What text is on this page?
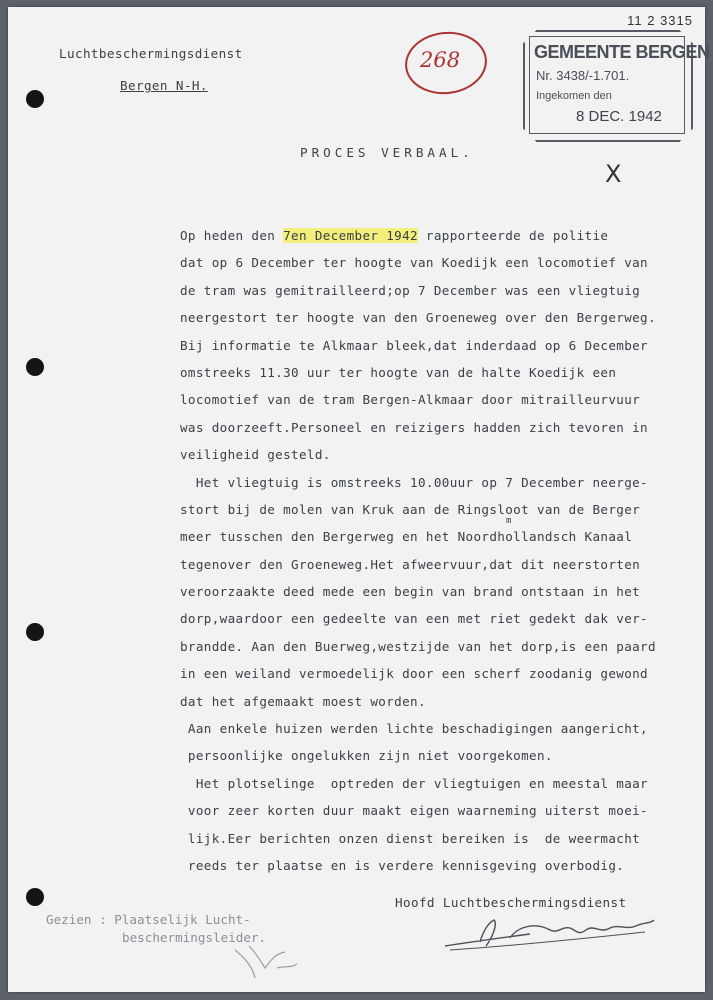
11 2 3315
Luchtbeschermingsdienst
Bergen N-H.
PROCES VERBAAL.
268	GEMEENTE BERGEN
Nr. 3438/-1.701.
Ingekomen den
8 DEC. 1942
X
Op heden den 7en December 1942 rapporteerde de politie
dat op 6 December ter hoogte van Koedijk een locomotief van
de tram was gemitrailleerd;op 7 December was een vliegtuig
neergestort ter hoogte van den Groeneweg over den Bergerweg.
Bij informatie te Alkmaar bleek,dat inderdaad op 6 December
omstreeks 11.30 uur ter hoogte van de halte Koedijk een
locomotief van de tram Bergen-Alkmaar door mitrailleurvuur
was doorzeeft.Personeel en reizigers hadden zich tevoren in
veiligheid gesteld.
Het vliegtuig is omstreeks 10.00uur op 7 December neerge-
stort bij de molen van Kruk aan de Ringsloot van de Berger
meer tusschen den Bergerweg en het Noordhollandsch Kanaal
tegenover den Groeneweg.Het afweervuur,dat dit neerstorten
veroorzaakte deed mede een begin van brand ontstaan in het
dorp,waardoor een gedeelte van een met riet gedekt dak ver-
brandde. Aan den Buerweg,westzijde van het dorp,is een paard
in een weiland vermoedelijk door een scherf zoodanig gewond
dat het afgemaakt moest worden.
Aan enkele huizen werden lichte beschadigingen aangericht,
persoonlijke ongelukken zijn niet voorgekomen.
Het plotselinge  optreden der vliegtuigen en meestal maar
voor zeer korten duur maakt eigen waarneming uiterst moei-
lijk.Eer berichten onzen dienst bereiken is  de weermacht
reeds ter plaatse en is verdere kennisgeving overbodig.
m
Hoofd Luchtbeschermingsdienst
Gezien : Plaatselijk Lucht-
beschermingsleider.
